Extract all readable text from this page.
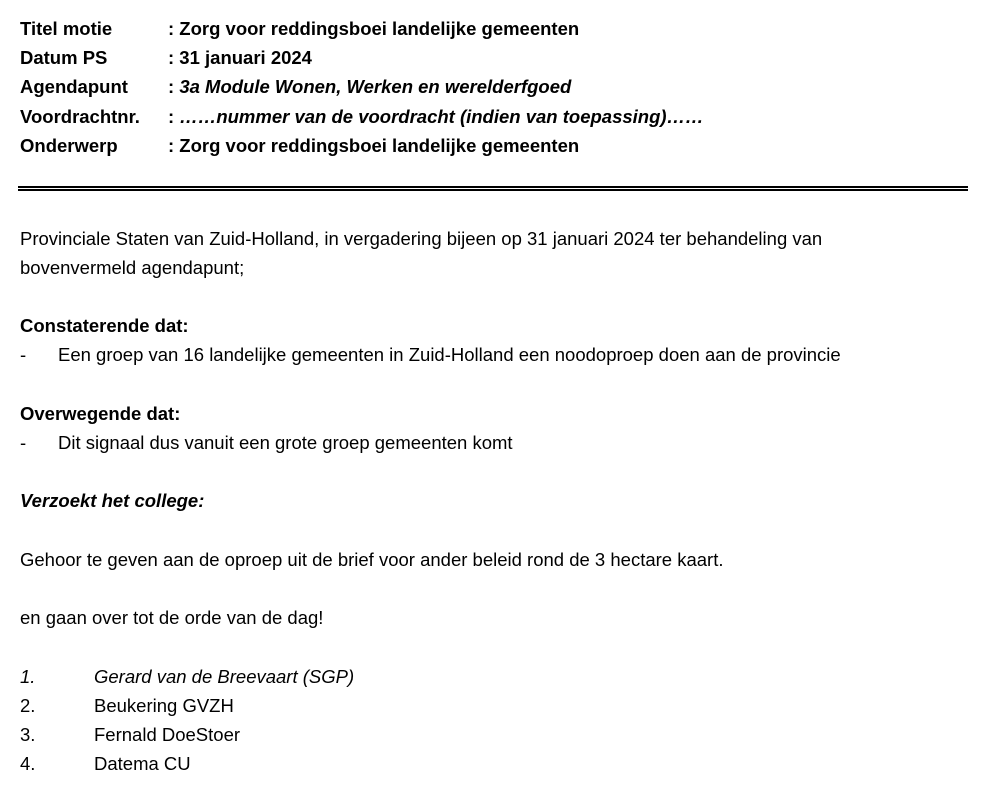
Titel motie	: Zorg voor reddingsboei landelijke gemeenten
Datum PS	: 31 januari 2024
Agendapunt	: 3a Module Wonen, Werken en werelderfgoed
Voordrachtnr.	: ……nummer van de voordracht (indien van toepassing)……
Onderwerp	: Zorg voor reddingsboei landelijke gemeenten
Provinciale Staten van Zuid-Holland, in vergadering bijeen op 31 januari 2024 ter behandeling van
bovenvermeld agendapunt;
Constaterende dat:
-	Een groep van 16 landelijke gemeenten in Zuid-Holland een noodoproep doen aan de provincie
Overwegende dat:
-	Dit signaal dus vanuit een grote groep gemeenten komt
Verzoekt het college:
Gehoor te geven aan de oproep uit de brief voor ander beleid rond de 3 hectare kaart.
en gaan over tot de orde van de dag!
1.	Gerard van de Breevaart (SGP)
2.	Beukering GVZH
3.	Fernald DoeStoer
4.	Datema CU
